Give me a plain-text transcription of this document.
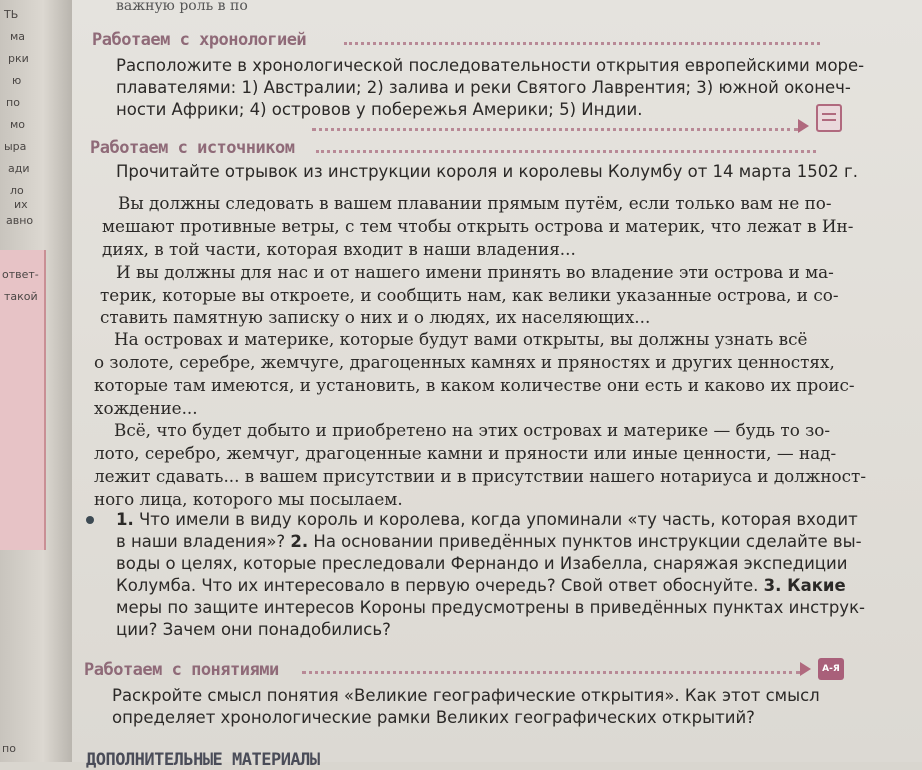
ТЬ
ма
рки
ю
по
мо
ыра
ади
ло
их
авно
ответ-
такой
по
важную роль в по
Работаем с хронологией
Расположите в хронологической последовательности открытия европейскими море-
плавателями: 1) Австралии; 2) залива и реки Святого Лаврентия; 3) южной оконеч-
ности Африки; 4) островов у побережья Америки; 5) Индии.
Работаем с источником
Прочитайте отрывок из инструкции короля и королевы Колумбу от 14 марта 1502 г.
Вы должны следовать в вашем плавании прямым путём, если только вам не по-
мешают противные ветры, с тем чтобы открыть острова и материк, что лежат в Ин-
диях, в той части, которая входит в наши владения...
И вы должны для нас и от нашего имени принять во владение эти острова и ма-
терик, которые вы откроете, и сообщить нам, как велики указанные острова, и со-
ставить памятную записку о них и о людях, их населяющих...
На островах и материке, которые будут вами открыты, вы должны узнать всё
о золоте, серебре, жемчуге, драгоценных камнях и пряностях и других ценностях,
которые там имеются, и установить, в каком количестве они есть и каково их проис-
хождение...
Всё, что будет добыто и приобретено на этих островах и материке — будь то зо-
лото, серебро, жемчуг, драгоценные камни и пряности или иные ценности, — над-
лежит сдавать... в вашем присутствии и в присутствии нашего нотариуса и должност-
ного лица, которого мы посылаем.
1. Что имели в виду король и королева, когда упоминали «ту часть, которая входит
в наши владения»? 2. На основании приведённых пунктов инструкции сделайте вы-
воды о целях, которые преследовали Фернандо и Изабелла, снаряжая экспедиции
Колумба. Что их интересовало в первую очередь? Свой ответ обоснуйте. 3. Какие
меры по защите интересов Короны предусмотрены в приведённых пунктах инструк-
ции? Зачем они понадобились?
Работаем с понятиями	А-Я
Раскройте смысл понятия «Великие географические открытия». Как этот смысл
определяет хронологические рамки Великих географических открытий?
ДОПОЛНИТЕЛЬНЫЕ МАТЕРИАЛЫ
